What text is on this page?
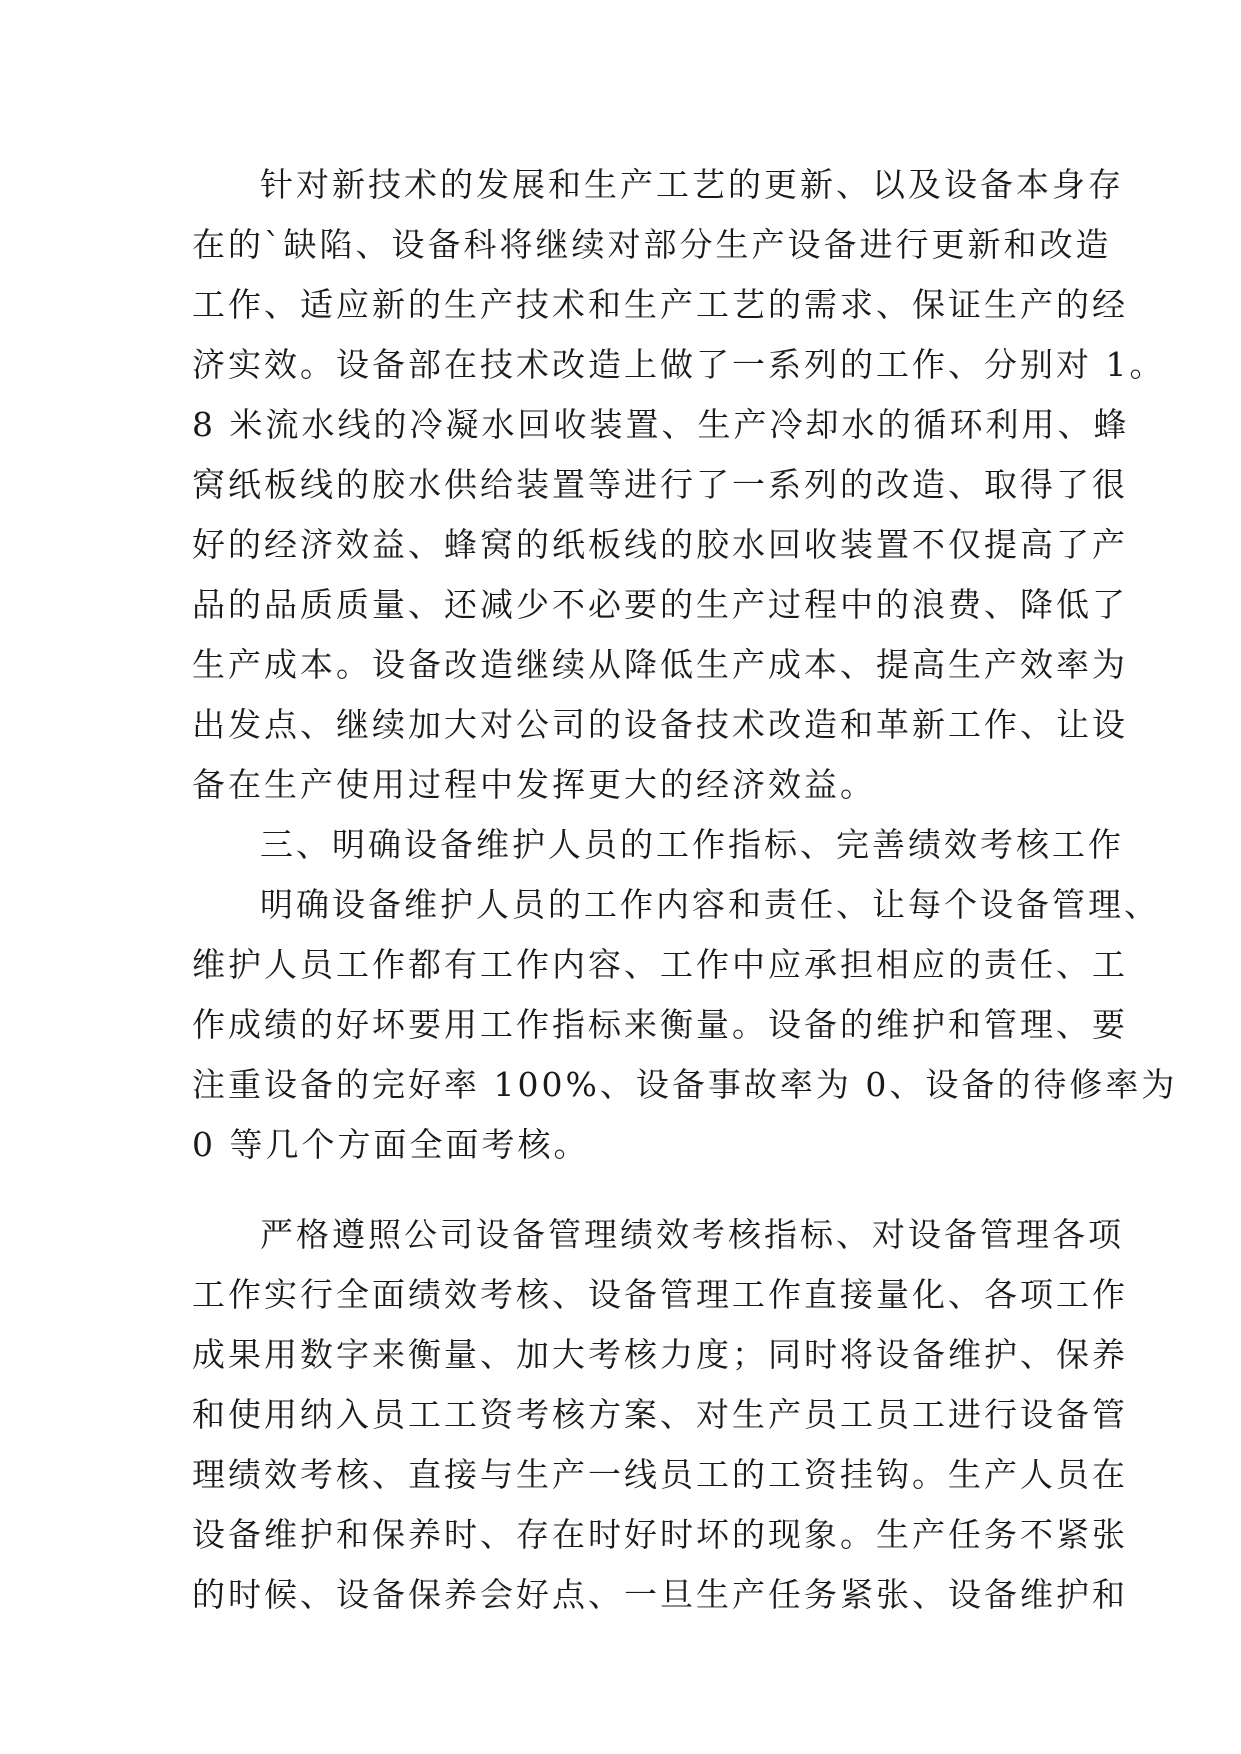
针对新技术的发展和生产工艺的更新、以及设备本身存
在的`缺陷、设备科将继续对部分生产设备进行更新和改造
工作、适应新的生产技术和生产工艺的需求、保证生产的经
济实效。设备部在技术改造上做了一系列的工作、分别对 1。
8 米流水线的冷凝水回收装置、生产冷却水的循环利用、蜂
窝纸板线的胶水供给装置等进行了一系列的改造、取得了很
好的经济效益、蜂窝的纸板线的胶水回收装置不仅提高了产
品的品质质量、还减少不必要的生产过程中的浪费、降低了
生产成本。设备改造继续从降低生产成本、提高生产效率为
出发点、继续加大对公司的设备技术改造和革新工作、让设
备在生产使用过程中发挥更大的经济效益。
三、明确设备维护人员的工作指标、完善绩效考核工作
明确设备维护人员的工作内容和责任、让每个设备管理、
维护人员工作都有工作内容、工作中应承担相应的责任、工
作成绩的好坏要用工作指标来衡量。设备的维护和管理、要
注重设备的完好率 100%、设备事故率为 0、设备的待修率为
0 等几个方面全面考核。
严格遵照公司设备管理绩效考核指标、对设备管理各项
工作实行全面绩效考核、设备管理工作直接量化、各项工作
成果用数字来衡量、加大考核力度；同时将设备维护、保养
和使用纳入员工工资考核方案、对生产员工员工进行设备管
理绩效考核、直接与生产一线员工的工资挂钩。生产人员在
设备维护和保养时、存在时好时坏的现象。生产任务不紧张
的时候、设备保养会好点、一旦生产任务紧张、设备维护和
